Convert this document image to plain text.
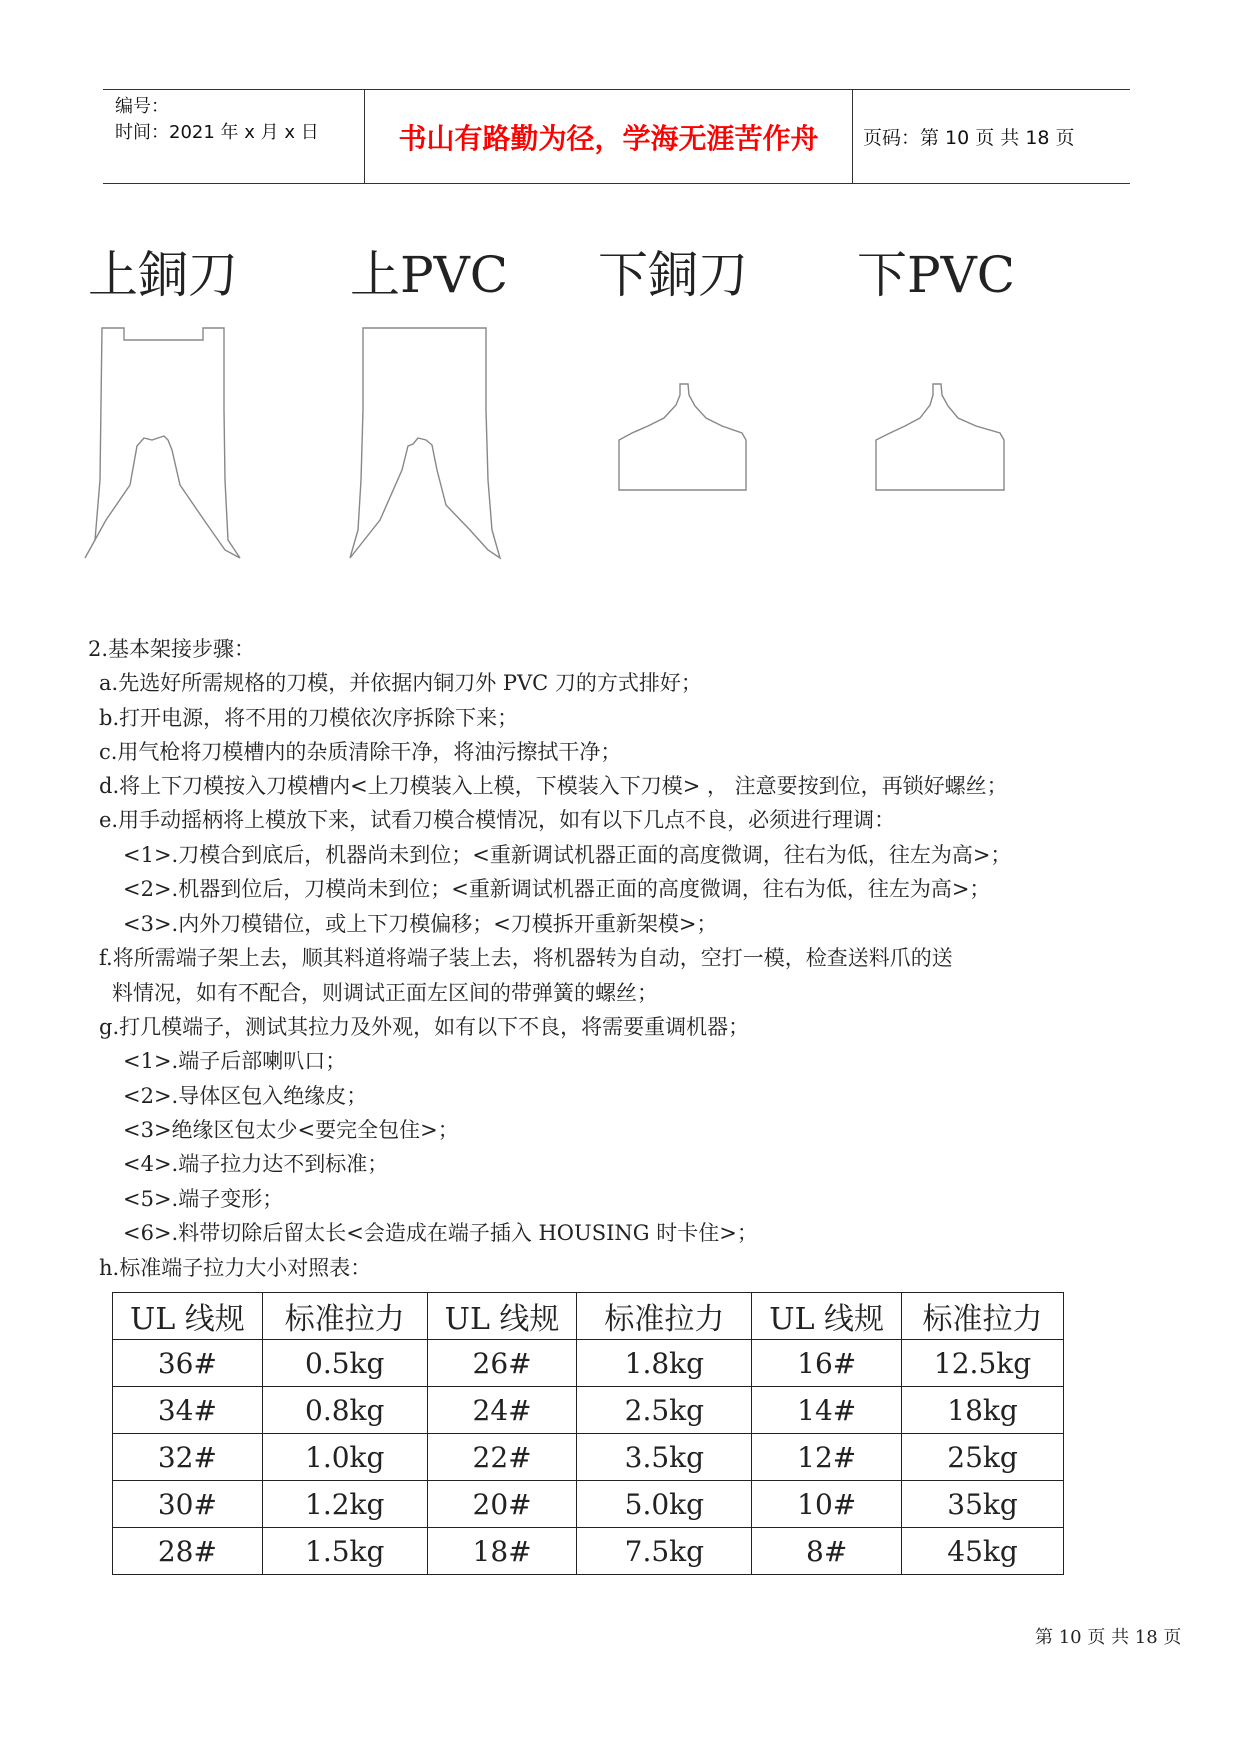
编号：
时间：2021 年 x 月 x 日	书山有路勤为径，学海无涯苦作舟	页码：第 10 页 共 18 页
上銅刀 上PVC 下銅刀 下PVC
2.基本架接步骤：
a.先选好所需规格的刀模，并依据内铜刀外 PVC 刀的方式排好；
b.打开电源，将不用的刀模依次序拆除下来；
c.用气枪将刀模槽内的杂质清除干净，将油污擦拭干净；
d.将上下刀模按入刀模槽内<上刀模装入上模，下模装入下刀模> ， 注意要按到位，再锁好螺丝；
e.用手动摇柄将上模放下来，试看刀模合模情况，如有以下几点不良，必须进行理调：
<1>.刀模合到底后，机器尚未到位；<重新调试机器正面的高度微调，往右为低，往左为高>；
<2>.机器到位后，刀模尚未到位；<重新调试机器正面的高度微调，往右为低，往左为高>；
<3>.内外刀模错位，或上下刀模偏移；<刀模拆开重新架模>；
f.将所需端子架上去，顺其料道将端子装上去，将机器转为自动，空打一模，检查送料爪的送
料情况，如有不配合，则调试正面左区间的带弹簧的螺丝；
g.打几模端子，测试其拉力及外观，如有以下不良，将需要重调机器；
<1>.端子后部喇叭口；
<2>.导体区包入绝缘皮；
<3>绝缘区包太少<要完全包住>；
<4>.端子拉力达不到标准；
<5>.端子变形；
<6>.料带切除后留太长<会造成在端子插入 HOUSING 时卡住>；
h.标准端子拉力大小对照表：
UL 线规	标准拉力	UL 线规	标准拉力	UL 线规	标准拉力
36#	0.5kg	26#	1.8kg	16#	12.5kg
34#	0.8kg	24#	2.5kg	14#	18kg
32#	1.0kg	22#	3.5kg	12#	25kg
30#	1.2kg	20#	5.0kg	10#	35kg
28#	1.5kg	18#	7.5kg	8#	45kg
第 10 页 共 18 页
